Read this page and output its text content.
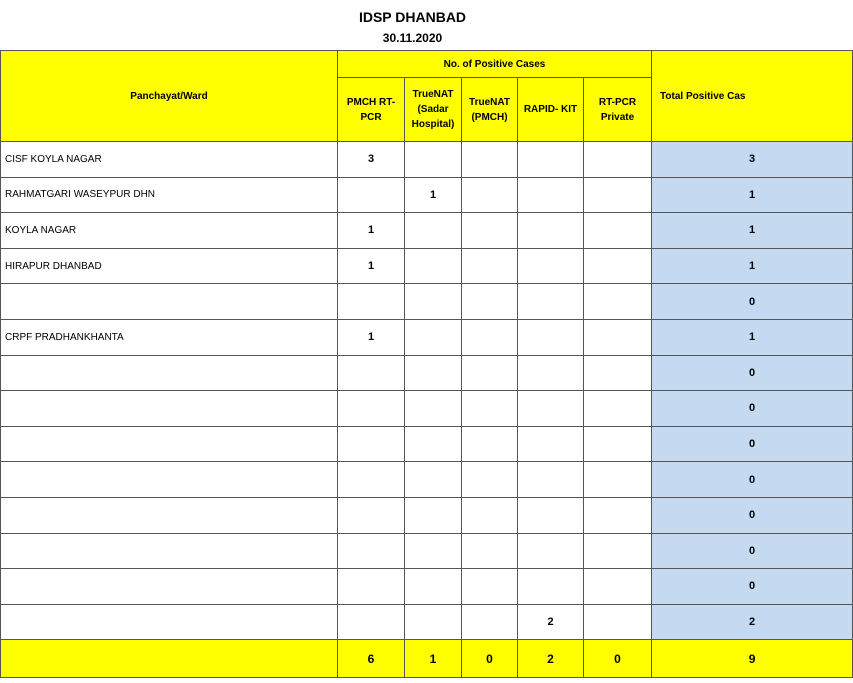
IDSP DHANBAD
30.11.2020
	Panchayat/Ward	No. of Positive Cases					Total Positive Cas
		PMCH RT-PCR	TrueNAT (Sadar Hospital)	TrueNAT (PMCH)	RAPID- KIT	RT-PCR Private	
	CISF KOYLA NAGAR	3					3
	RAHMATGARI WASEYPUR DHN		1				1
	KOYLA NAGAR	1					1
	HIRAPUR DHANBAD	1					1
							0
	CRPF PRADHANKHANTA	1					1
							0
							0
							0
							0
							0
							0
							0
					2		2
		6	1	0	2	0	9
